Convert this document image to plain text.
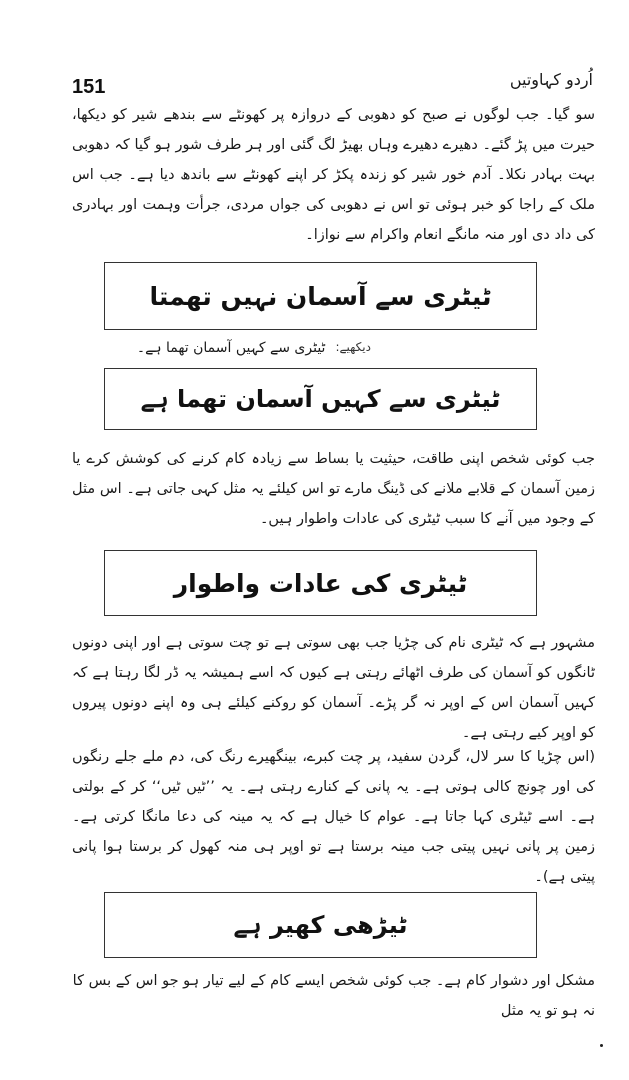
151	اُردو کہاوتیں

سو گیا۔ جب لوگوں نے صبح کو دھوبی کے دروازہ پر کھونٹے سے بندھے شیر کو دیکھا، حیرت میں پڑ گئے۔ دھیرے دھیرے وہاں بھیڑ لگ گئی اور ہر طرف شور ہو گیا کہ دھوبی بہت بہادر نکلا۔ آدم خور شیر کو زندہ پکڑ کر اپنے کھونٹے سے باندھ دیا ہے۔ جب اس ملک کے راجا کو خبر ہوئی تو اس نے دھوبی کی جواں مردی، جرأت وہمت اور بہادری کی داد دی اور منہ مانگے انعام واکرام سے نوازا۔

ٹیٹری سے آسمان نہیں تھمتا
دیکھیے:
ٹیٹری سے کہیں آسمان تھما ہے۔
ٹیٹری سے کہیں آسمان تھما ہے

جب کوئی شخص اپنی طاقت، حیثیت یا بساط سے زیادہ کام کرنے کی کوشش کرے یا زمین آسمان کے قلابے ملانے کی ڈینگ مارے تو اس کیلئے یہ مثل کہی جاتی ہے۔ اس مثل کے وجود میں آنے کا سبب ٹیٹری کی عادات واطوار ہیں۔

ٹیٹری کی عادات واطوار

مشہور ہے کہ ٹیٹری نام کی چڑیا جب بھی سوتی ہے تو چت سوتی ہے اور اپنی دونوں ٹانگوں کو آسمان کی طرف اٹھائے رہتی ہے کیوں کہ اسے ہمیشہ یہ ڈر لگا رہتا ہے کہ کہیں آسمان اس کے اوپر نہ گر پڑے۔ آسمان کو روکنے کیلئے ہی وہ اپنے دونوں پیروں کو اوپر کیے رہتی ہے۔

(اس چڑیا کا سر لال، گردن سفید، پر چت کبرے، بینگھیرے رنگ کی، دم ملے جلے رنگوں کی اور چونچ کالی ہوتی ہے۔ یہ پانی کے کنارے رہتی ہے۔ یہ ’’ٹیں ٹیں‘‘ کر کے بولتی ہے۔ اسے ٹیٹری کہا جاتا ہے۔ عوام کا خیال ہے کہ یہ مینہ کی دعا مانگا کرتی ہے۔ زمین پر پانی نہیں پیتی جب مینہ برستا ہے تو اوپر ہی منہ کھول کر برستا ہوا پانی پیتی ہے)۔

ٹیڑھی کھیر ہے

مشکل اور دشوار کام ہے۔ جب کوئی شخص ایسے کام کے لیے تیار ہو جو اس کے بس کا نہ ہو تو یہ مثل
